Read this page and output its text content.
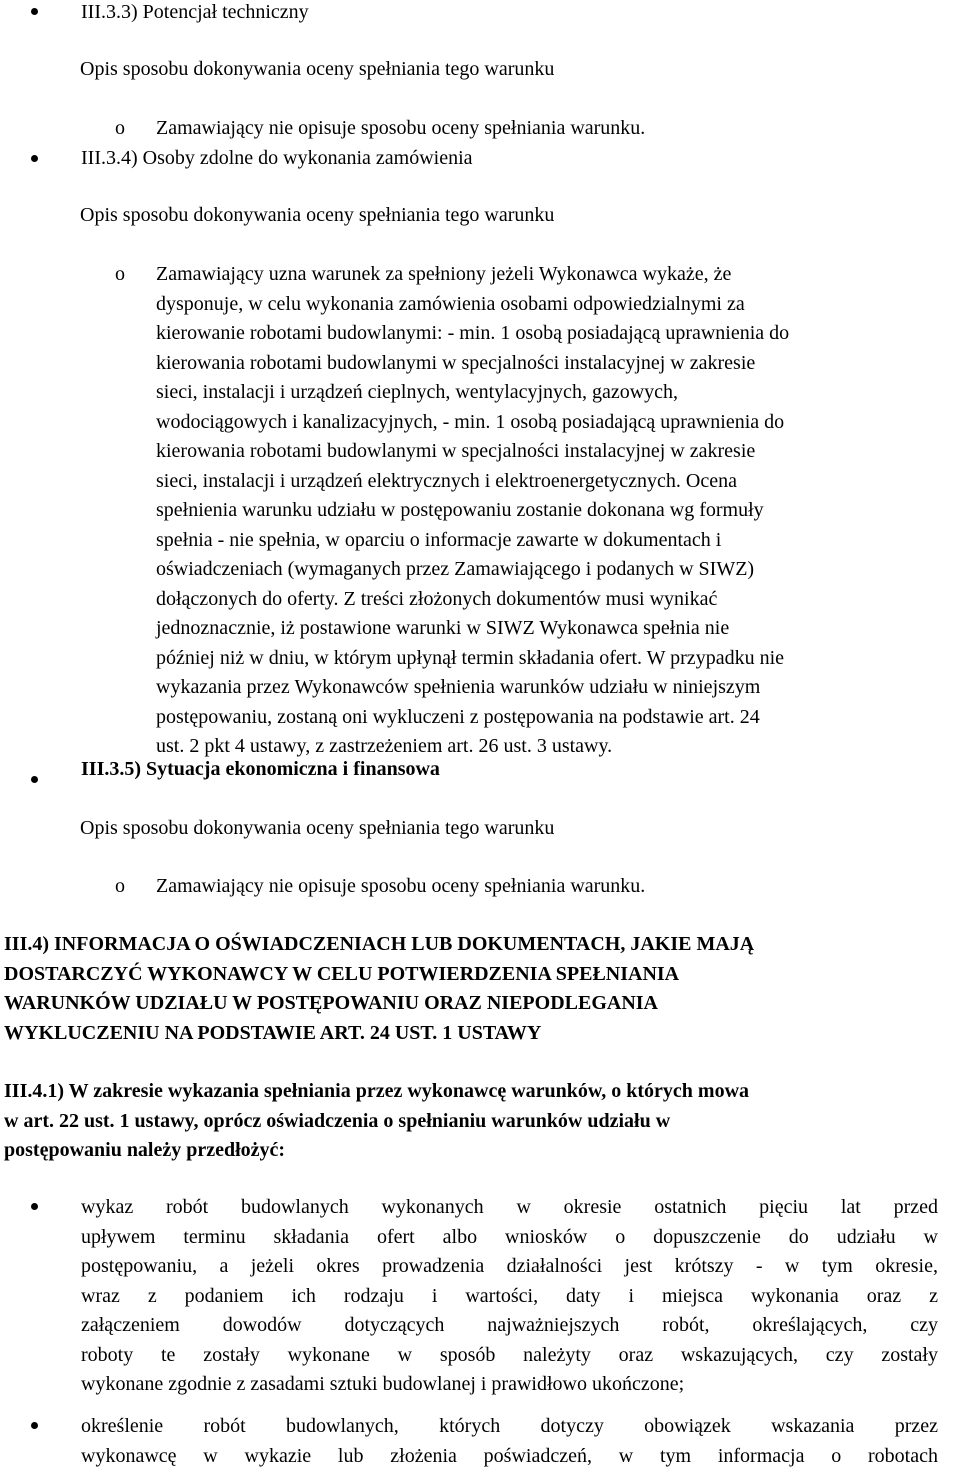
III.3.3) Potencjał techniczny
Opis sposobu dokonywania oceny spełniania tego warunku
o Zamawiający nie opisuje sposobu oceny spełniania warunku.
III.3.4) Osoby zdolne do wykonania zamówienia
Opis sposobu dokonywania oceny spełniania tego warunku
o Zamawiający uzna warunek za spełniony jeżeli Wykonawca wykaże, że
dysponuje, w celu wykonania zamówienia osobami odpowiedzialnymi za
kierowanie robotami budowlanymi: - min. 1 osobą posiadającą uprawnienia do
kierowania robotami budowlanymi w specjalności instalacyjnej w zakresie
sieci, instalacji i urządzeń cieplnych, wentylacyjnych, gazowych,
wodociągowych i kanalizacyjnych, - min. 1 osobą posiadającą uprawnienia do
kierowania robotami budowlanymi w specjalności instalacyjnej w zakresie
sieci, instalacji i urządzeń elektrycznych i elektroenergetycznych. Ocena
spełnienia warunku udziału w postępowaniu zostanie dokonana wg formuły
spełnia - nie spełnia, w oparciu o informacje zawarte w dokumentach i
oświadczeniach (wymaganych przez Zamawiającego i podanych w SIWZ)
dołączonych do oferty. Z treści złożonych dokumentów musi wynikać
jednoznacznie, iż postawione warunki w SIWZ Wykonawca spełnia nie
później niż w dniu, w którym upłynął termin składania ofert. W przypadku nie
wykazania przez Wykonawców spełnienia warunków udziału w niniejszym
postępowaniu, zostaną oni wykluczeni z postępowania na podstawie art. 24
ust. 2 pkt 4 ustawy, z zastrzeżeniem art. 26 ust. 3 ustawy.
III.3.5) Sytuacja ekonomiczna i finansowa
Opis sposobu dokonywania oceny spełniania tego warunku
o Zamawiający nie opisuje sposobu oceny spełniania warunku.
III.4) INFORMACJA O OŚWIADCZENIACH LUB DOKUMENTACH, JAKIE MAJĄ
DOSTARCZYĆ WYKONAWCY W CELU POTWIERDZENIA SPEŁNIANIA
WARUNKÓW UDZIAŁU W POSTĘPOWANIU ORAZ NIEPODLEGANIA
WYKLUCZENIU NA PODSTAWIE ART. 24 UST. 1 USTAWY
III.4.1) W zakresie wykazania spełniania przez wykonawcę warunków, o których mowa
w art. 22 ust. 1 ustawy, oprócz oświadczenia o spełnianiu warunków udziału w
postępowaniu należy przedłożyć:
wykaz robót budowlanych wykonanych w okresie ostatnich pięciu lat przed
upływem terminu składania ofert albo wniosków o dopuszczenie do udziału w
postępowaniu, a jeżeli okres prowadzenia działalności jest krótszy - w tym okresie,
wraz z podaniem ich rodzaju i wartości, daty i miejsca wykonania oraz z
załączeniem dowodów dotyczących najważniejszych robót, określających, czy
roboty te zostały wykonane w sposób należyty oraz wskazujących, czy zostały
wykonane zgodnie z zasadami sztuki budowlanej i prawidłowo ukończone;
określenie robót budowlanych, których dotyczy obowiązek wskazania przez
wykonawcę w wykazie lub złożenia poświadczeń, w tym informacja o robotach
